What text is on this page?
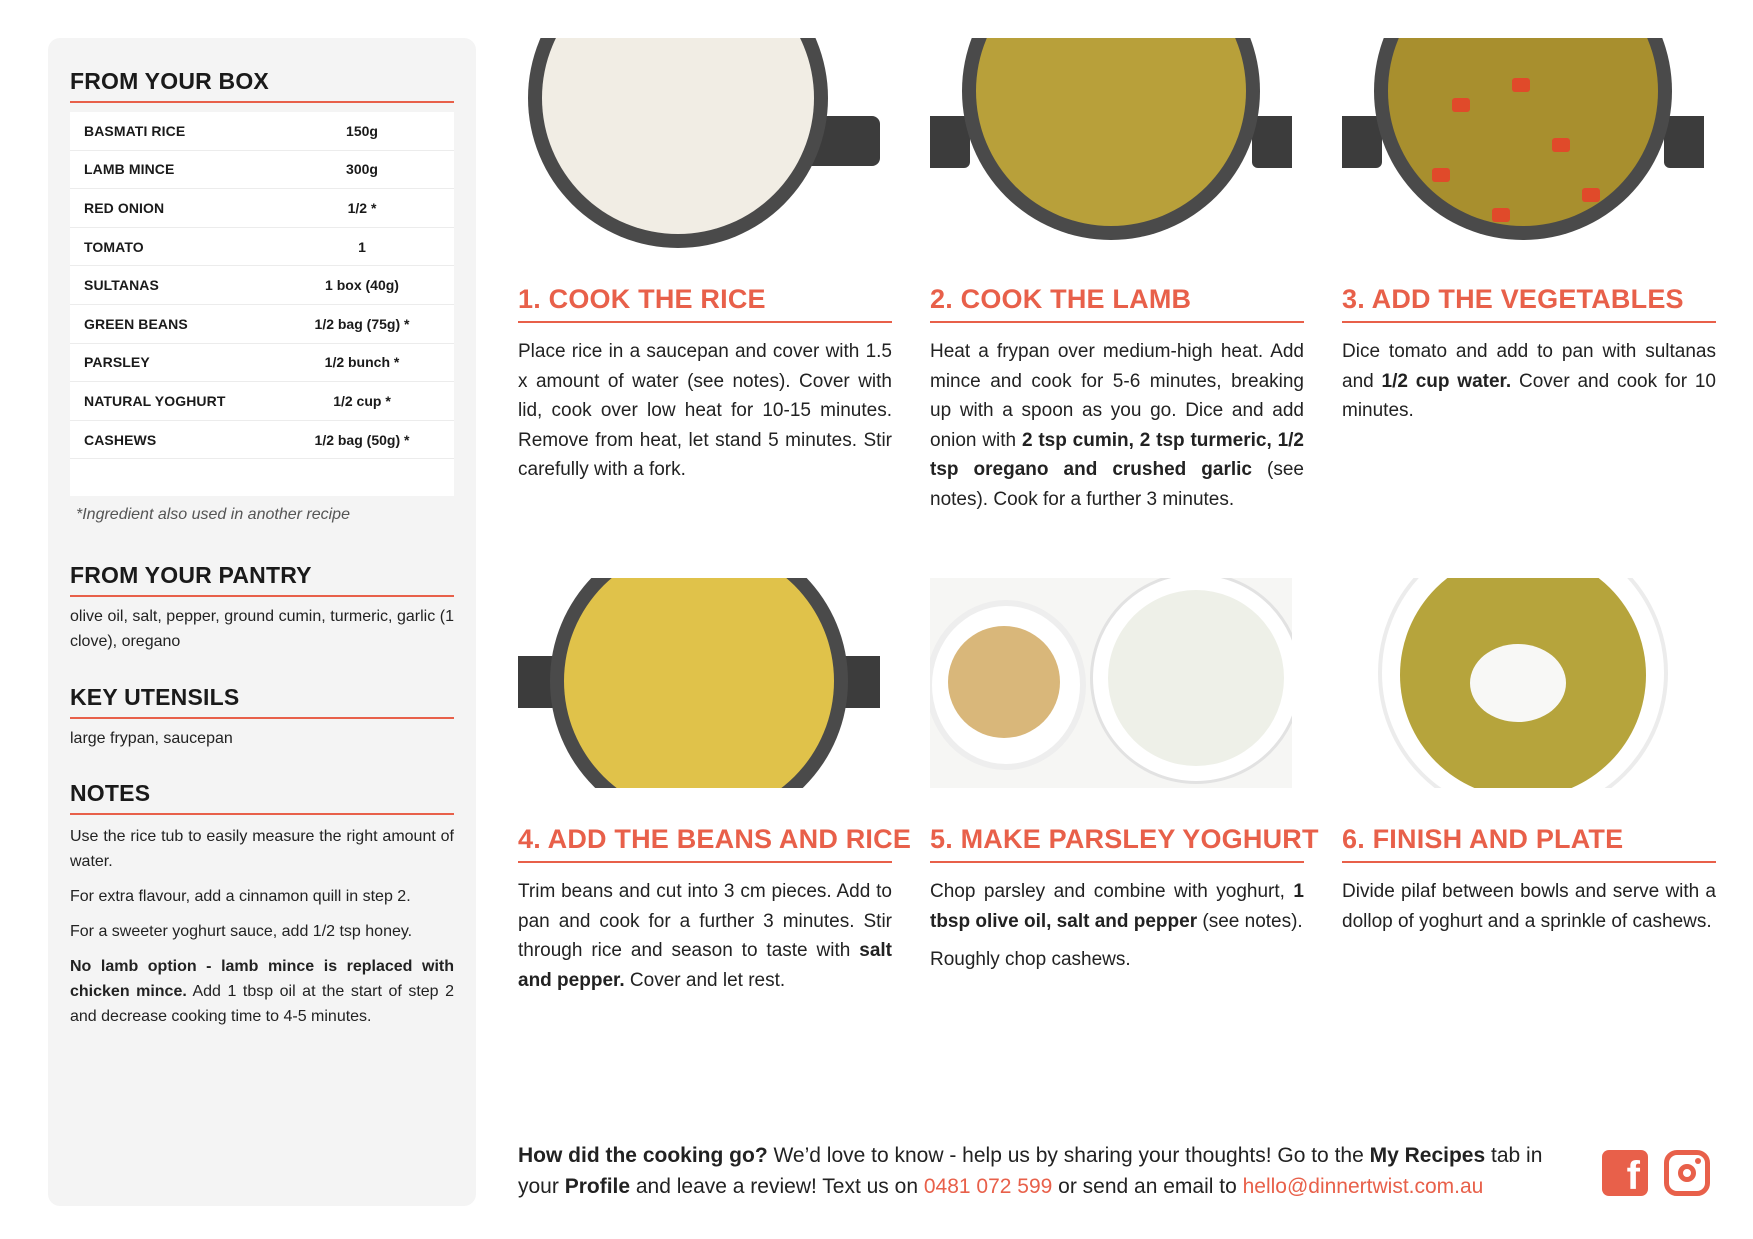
FROM YOUR BOX
BASMATI RICE	150g
LAMB MINCE	300g
RED ONION	1/2 *
TOMATO	1
SULTANAS	1 box (40g)
GREEN BEANS	1/2 bag (75g) *
PARSLEY	1/2 bunch *
NATURAL YOGHURT	1/2 cup *
CASHEWS	1/2 bag (50g) *
*Ingredient also used in another recipe
FROM YOUR PANTRY
olive oil, salt, pepper, ground cumin, turmeric, garlic (1 clove), oregano
KEY UTENSILS
large frypan, saucepan
NOTES

Use the rice tub to easily measure the right amount of water.

For extra flavour, add a cinnamon quill in step 2.

For a sweeter yoghurt sauce, add 1/2 tsp honey.

No lamb option - lamb mince is replaced with chicken mince. Add 1 tbsp oil at the start of step 2 and decrease cooking time to 4-5 minutes.

1. COOK THE RICE
Place rice in a saucepan and cover with 1.5 x amount of water (see notes). Cover with lid, cook over low heat for 10-15 minutes. Remove from heat, let stand 5 minutes. Stir carefully with a fork.
2. COOK THE LAMB
Heat a frypan over medium-high heat. Add mince and cook for 5-6 minutes, breaking up with a spoon as you go. Dice and add onion with 2 tsp cumin, 2 tsp turmeric, 1/2 tsp oregano and crushed garlic (see notes). Cook for a further 3 minutes.
3. ADD THE VEGETABLES
Dice tomato and add to pan with sultanas and 1/2 cup water. Cover and cook for 10 minutes.
4. ADD THE BEANS AND RICE
Trim beans and cut into 3 cm pieces. Add to pan and cook for a further 3 minutes. Stir through rice and season to taste with salt and pepper. Cover and let rest.
5. MAKE PARSLEY YOGHURT

Chop parsley and combine with yoghurt, 1 tbsp olive oil, salt and pepper (see notes).

Roughly chop cashews.

6. FINISH AND PLATE
Divide pilaf between bowls and serve with a dollop of yoghurt and a sprinkle of cashews.
How did the cooking go? We’d love to know - help us by sharing your thoughts! Go to the My Recipes tab in your Profile and leave a review! Text us on 0481 072 599 or send an email to hello@dinnertwist.com.au	f
